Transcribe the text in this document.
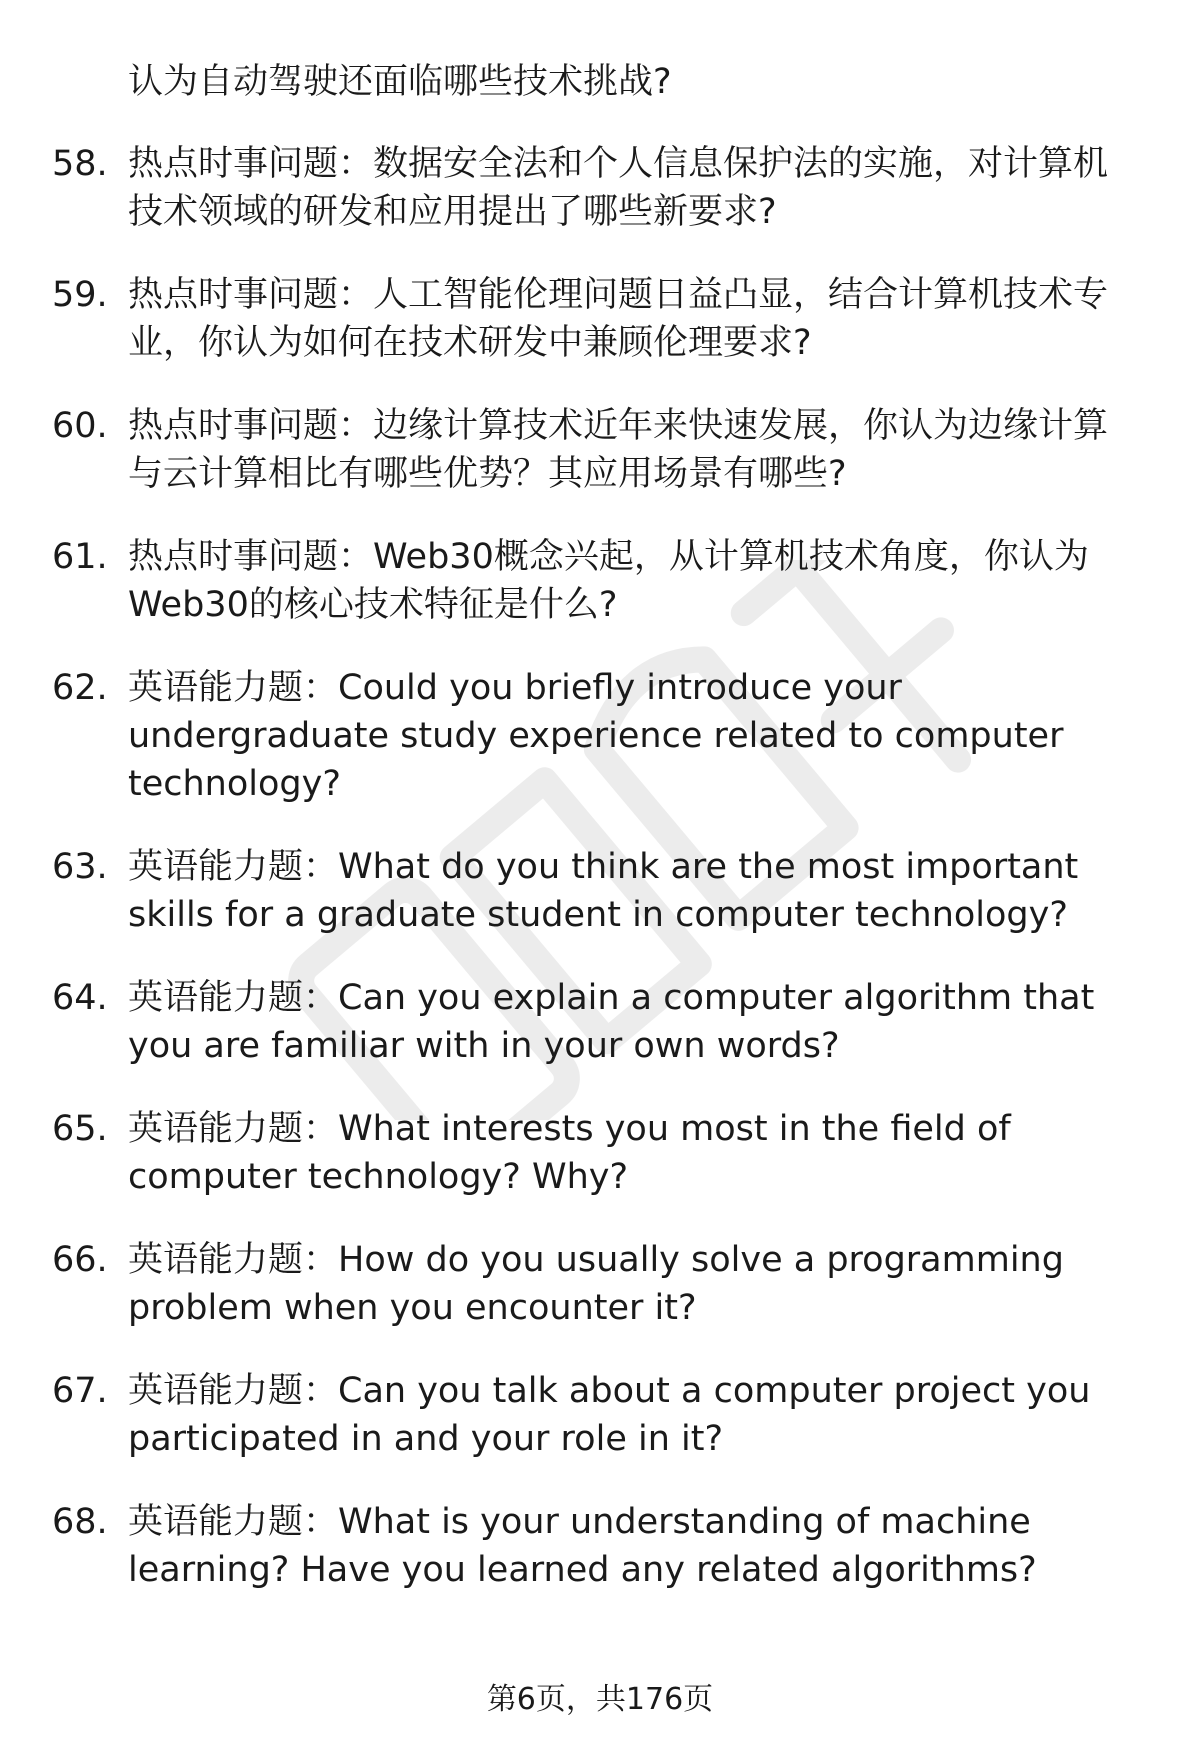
认为自动驾驶还面临哪些技术挑战?
58. 热点时事问题：数据安全法和个人信息保护法的实施，对计算机技术领域的研发和应用提出了哪些新要求?
59. 热点时事问题：人工智能伦理问题日益凸显，结合计算机技术专业，你认为如何在技术研发中兼顾伦理要求?
60. 热点时事问题：边缘计算技术近年来快速发展，你认为边缘计算与云计算相比有哪些优势？其应用场景有哪些?
61. 热点时事问题：Web30概念兴起，从计算机技术角度，你认为Web30的核心技术特征是什么?
62. 英语能力题：Could you briefly introduce your undergraduate study experience related to computer technology?
63. 英语能力题：What do you think are the most important skills for a graduate student in computer technology?
64. 英语能力题：Can you explain a computer algorithm that you are familiar with in your own words?
65. 英语能力题：What interests you most in the field of computer technology? Why?
66. 英语能力题：How do you usually solve a programming problem when you encounter it?
67. 英语能力题：Can you talk about a computer project you participated in and your role in it?
68. 英语能力题：What is your understanding of machine learning? Have you learned any related algorithms?
第6页，共176页
